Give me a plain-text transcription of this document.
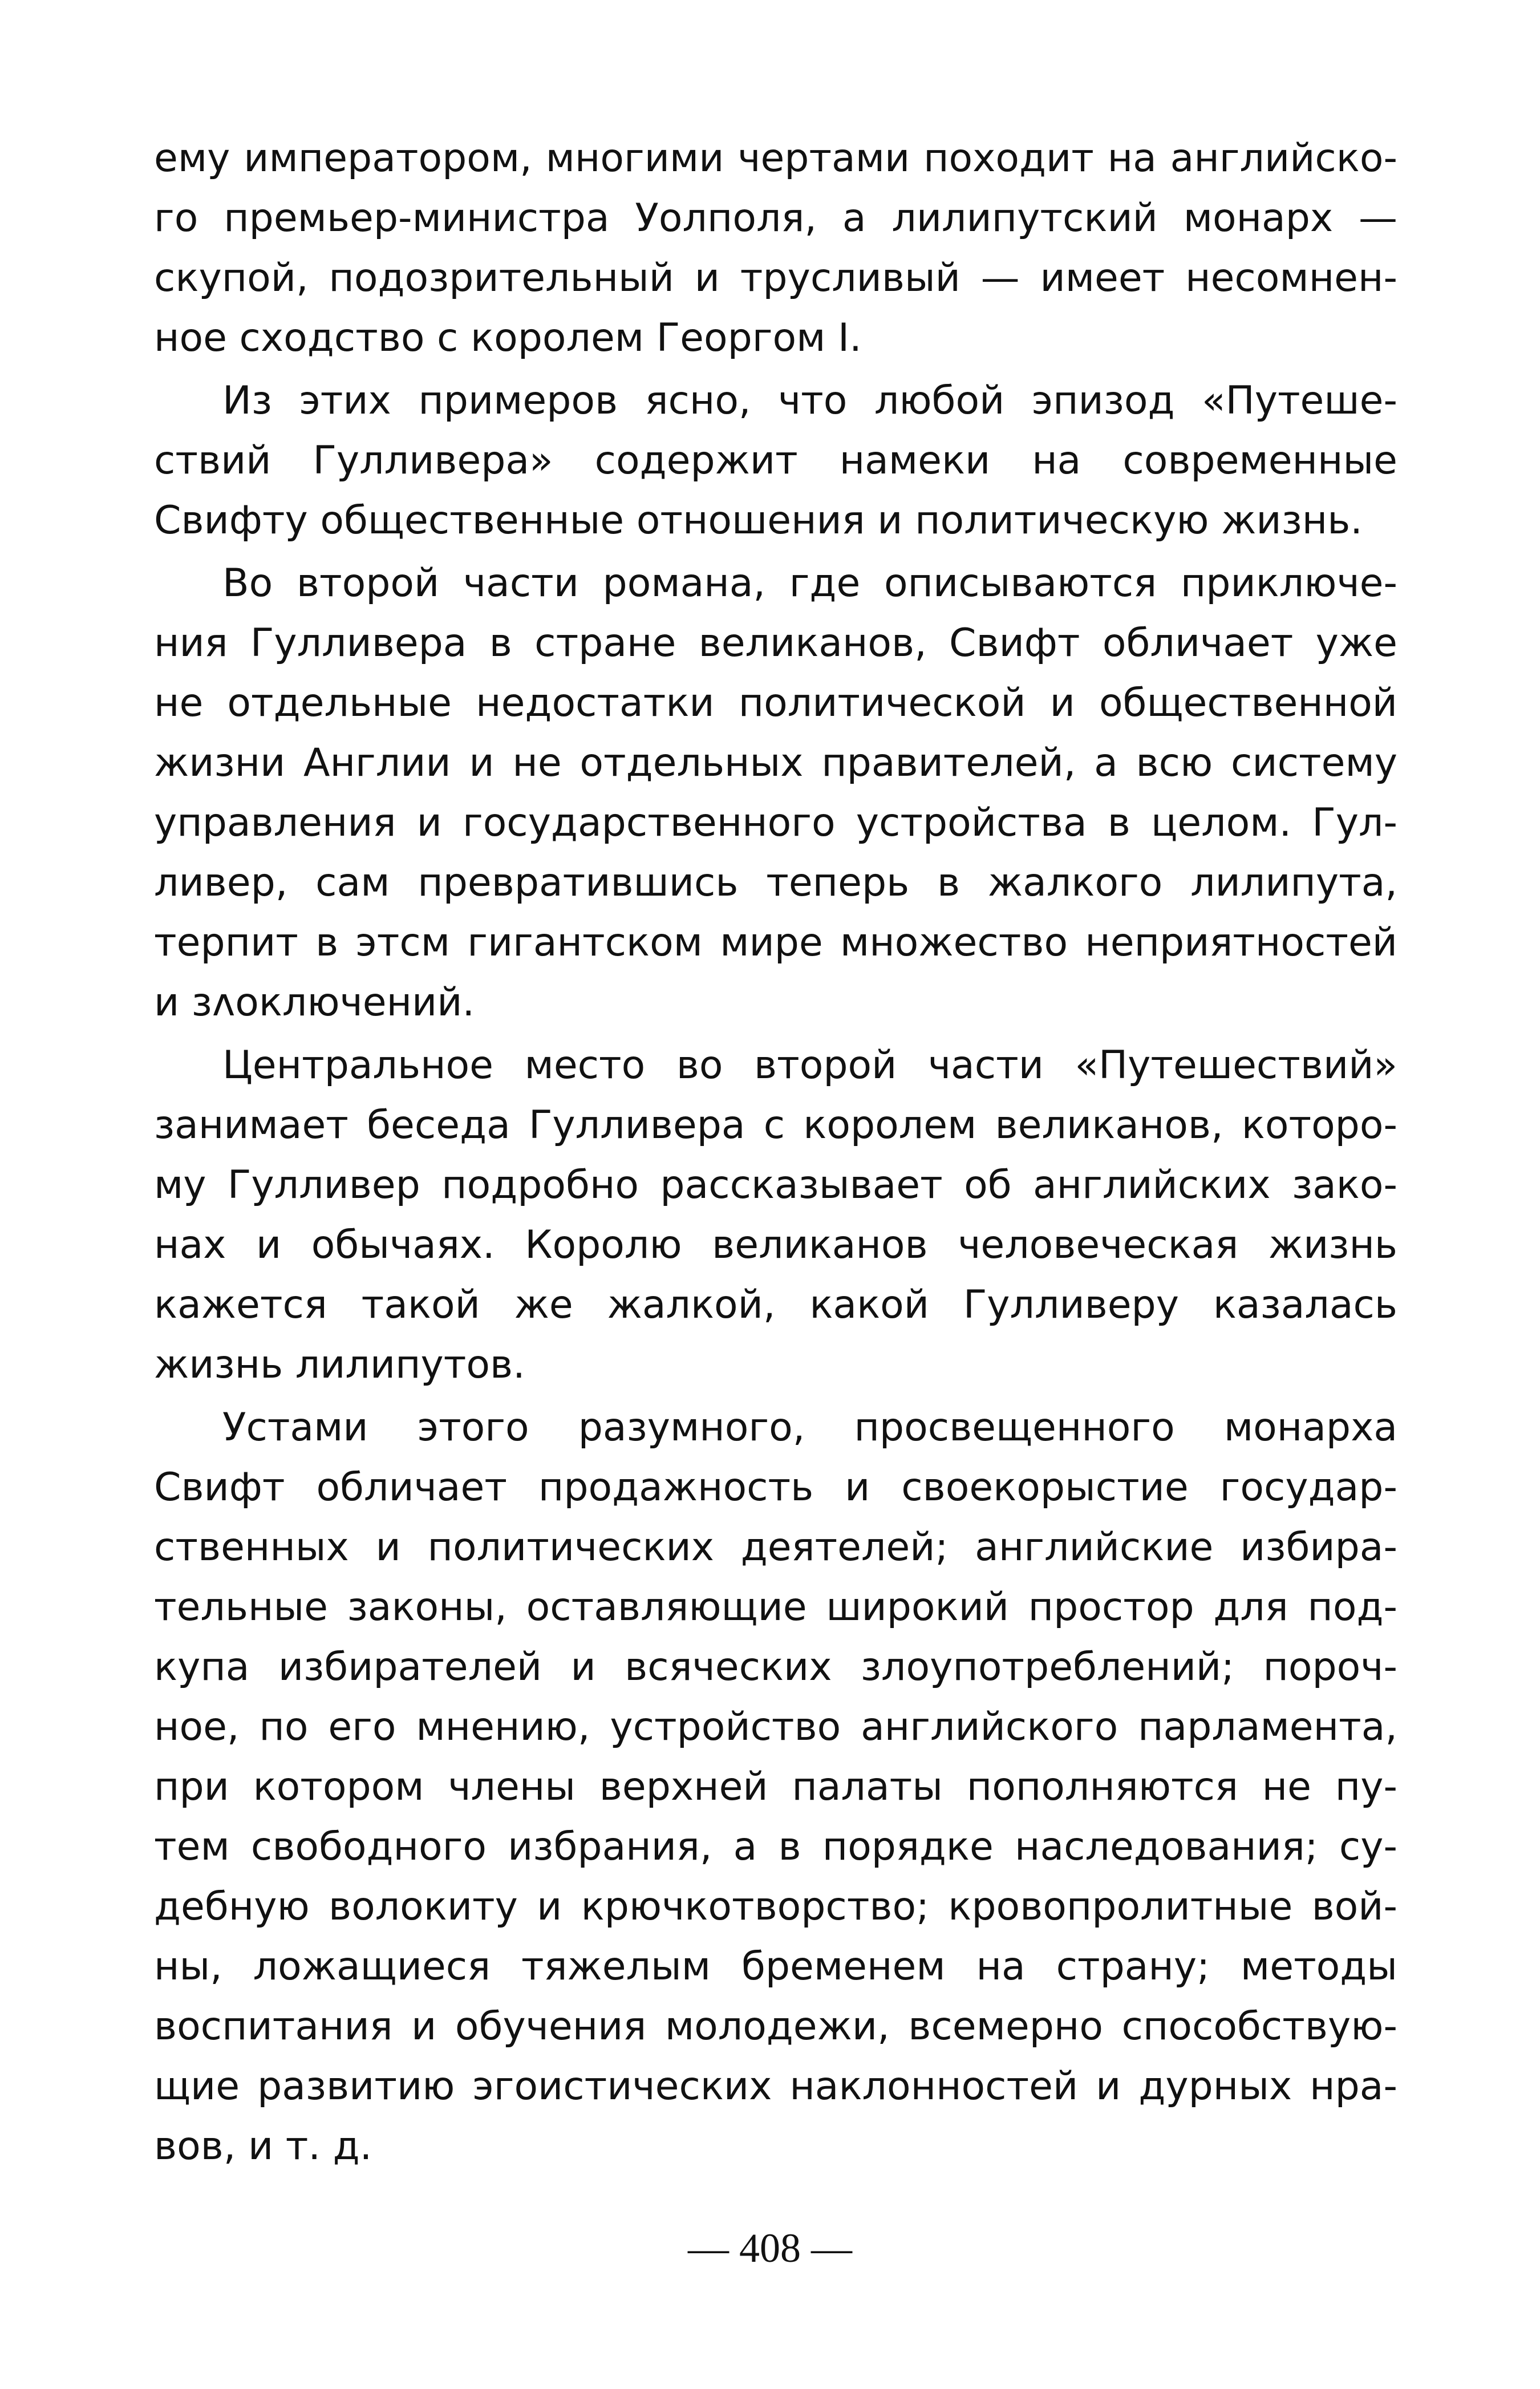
ему императором, многими чертами походит на английско-
го премьер-министра Уолполя, а лилипутский монарх —
скупой, подозрительный и трусливый — имеет несомнен-
ное сходство с королем Георгом I.
Из этих примеров ясно, что любой эпизод «Путеше-
ствий Гулливера» содержит намеки на современные
Свифту общественные отношения и политическую жизнь.
Во второй части романа, где описываются приключе-
ния Гулливера в стране великанов, Свифт обличает уже
не отдельные недостатки политической и общественной
жизни Англии и не отдельных правителей, а всю систему
управления и государственного устройства в целом. Гул-
ливер, сам превратившись теперь в жалкого лилипута,
терпит в этсм гигантском мире множество неприятностей
и зᴧоключений.
Центральное место во второй части «Путешествий»
занимает беседа Гулливера с королем великанов, которо-
му Гулливер подробно рассказывает об английских зако-
нах и обычаях. Королю великанов человеческая жизнь
кажется такой же жалкой, какой Гулливеру казалась
жизнь лилипутов.
Устами этого разумного, просвещенного монарха
Свифт обличает продажность и своекорыстие государ-
ственных и политических деятелей; английские избира-
тельные законы, оставляющие широкий простор для под-
купа избирателей и всяческих злоупотреблений; пороч-
ное, по его мнению, устройство английского парламента,
при котором члены верхней палаты пополняются не пу-
тем свободного избрания, а в порядке наследования; су-
дебную волокиту и крючкотворство; кровопролитные вой-
ны, ложащиеся тяжелым бременем на страну; методы
воспитания и обучения молодежи, всемерно способствую-
щие развитию эгоистических наклонностей и дурных нра-
вов, и т. д.
— 408 —
